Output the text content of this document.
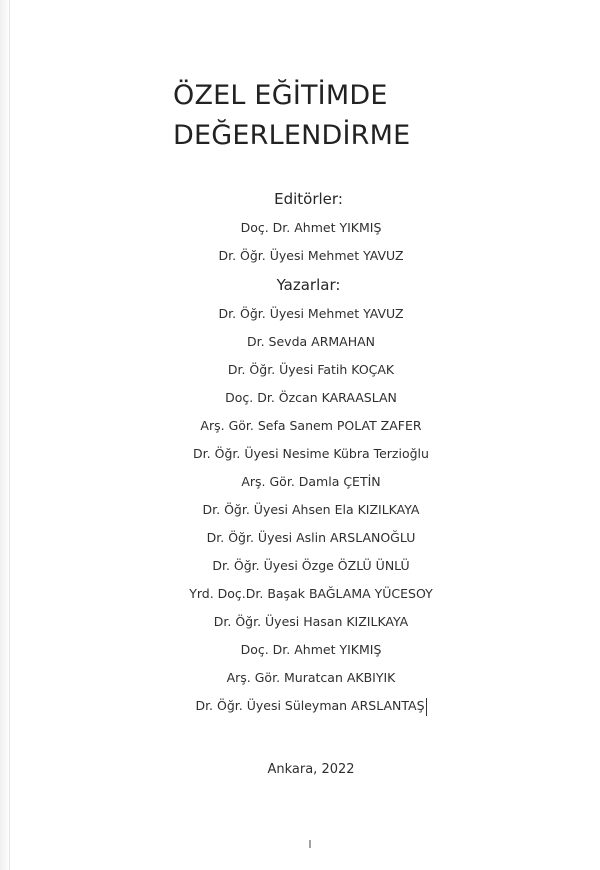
ÖZEL EĞİTİMDE
DEĞERLENDİRME
Editörler:
Doç. Dr. Ahmet YIKMIŞ
Dr. Öğr. Üyesi Mehmet YAVUZ
Yazarlar:
Dr. Öğr. Üyesi Mehmet YAVUZ
Dr. Sevda ARMAHAN
Dr. Öğr. Üyesi Fatih KOÇAK
Doç. Dr. Özcan KARAASLAN
Arş. Gör. Sefa Sanem POLAT ZAFER
Dr. Öğr. Üyesi Nesime Kübra Terzioğlu
Arş. Gör. Damla ÇETİN
Dr. Öğr. Üyesi Ahsen Ela KIZILKAYA
Dr. Öğr. Üyesi Aslin ARSLANOĞLU
Dr. Öğr. Üyesi Özge ÖZLÜ ÜNLÜ
Yrd. Doç.Dr. Başak BAĞLAMA YÜCESOY
Dr. Öğr. Üyesi Hasan KIZILKAYA
Doç. Dr. Ahmet YIKMIŞ
Arş. Gör. Muratcan AKBIYIK
Dr. Öğr. Üyesi Süleyman ARSLANTAŞ
Ankara, 2022
I
